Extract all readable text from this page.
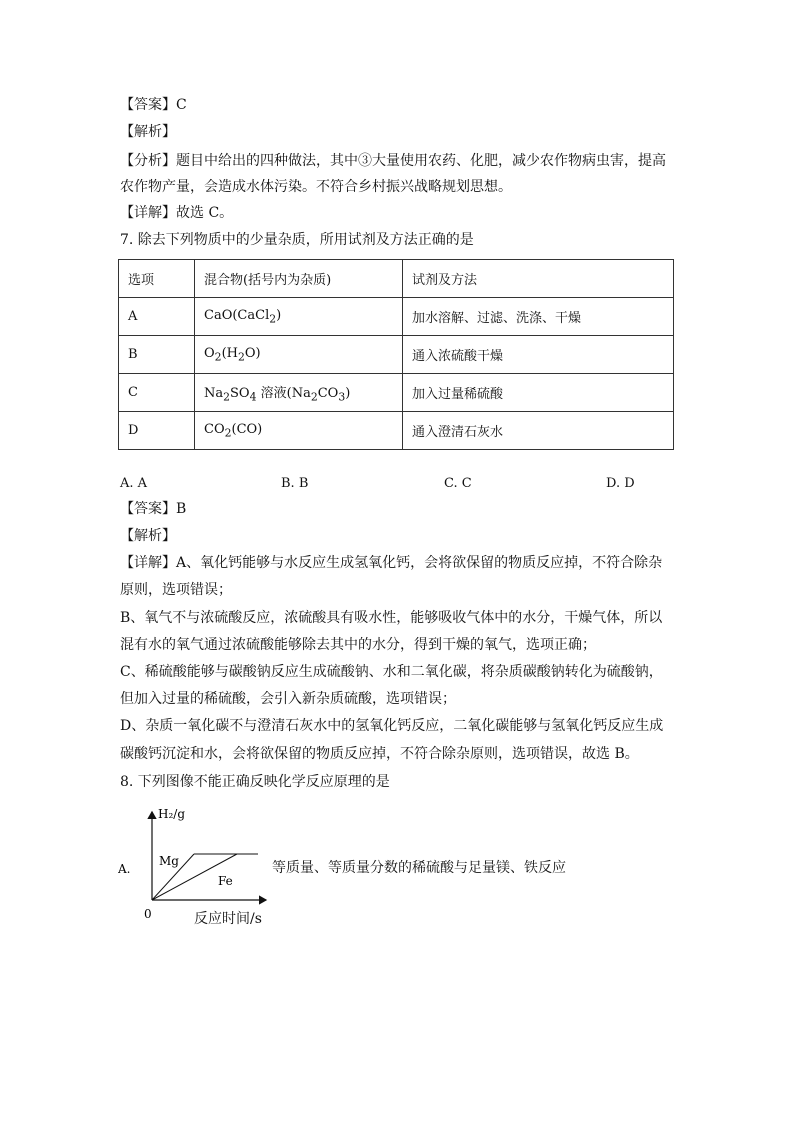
【答案】C
【解析】
【分析】题目中给出的四种做法，其中③大量使用农药、化肥，减少农作物病虫害，提高
农作物产量，会造成水体污染。不符合乡村振兴战略规划思想。
【详解】故选 C。
7. 除去下列物质中的少量杂质，所用试剂及方法正确的是
选项	混合物(括号内为杂质)	试剂及方法
A	CaO(CaCl$_2$)	加水溶解、过滤、洗涤、干燥
B	$O_2(H_2O)$	通入浓硫酸干燥
C	$Na_2SO_4$ 溶液$(Na_2CO_3)$	加入过量稀硫酸
D	$CO_2(CO)$	通入澄清石灰水
A. A	B. B	C. C	D. D
【答案】B
【解析】
【详解】A、氧化钙能够与水反应生成氢氧化钙，会将欲保留的物质反应掉，不符合除杂
原则，选项错误；
B、氧气不与浓硫酸反应，浓硫酸具有吸水性，能够吸收气体中的水分，干燥气体，所以
混有水的氧气通过浓硫酸能够除去其中的水分，得到干燥的氧气，选项正确；
C、稀硫酸能够与碳酸钠反应生成硫酸钠、水和二氧化碳，将杂质碳酸钠转化为硫酸钠，
但加入过量的稀硫酸，会引入新杂质硫酸，选项错误；
D、杂质一氧化碳不与澄清石灰水中的氢氧化钙反应，二氧化碳能够与氢氧化钙反应生成
碳酸钙沉淀和水，会将欲保留的物质反应掉，不符合除杂原则，选项错误，故选 B。
8. 下列图像不能正确反映化学反应原理的是
A.
H₂/g
0
Mg
Fe
反应时间/s
等质量、等质量分数的稀硫酸与足量镁、铁反应
